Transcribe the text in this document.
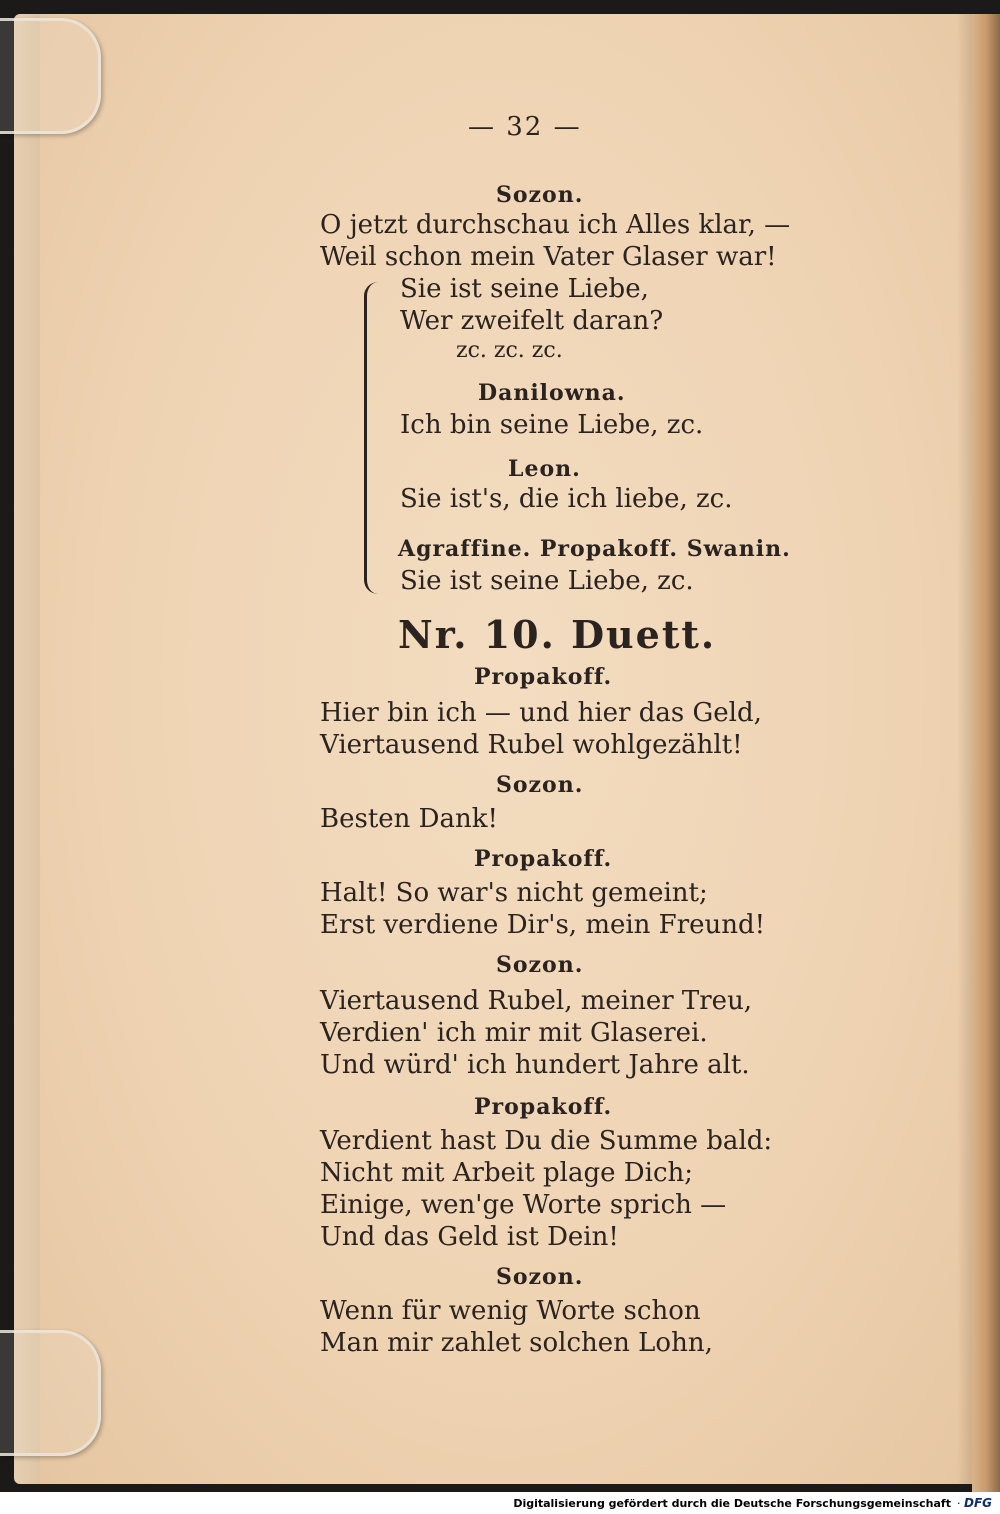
— 32 —
Sozon.
O jetzt durchschau ich Alles klar, —
Weil schon mein Vater Glaser war!
Sie ist seine Liebe,
Wer zweifelt daran?
zc. zc. zc.
Danilowna.
Ich bin seine Liebe, zc.
Leon.
Sie ist's, die ich liebe, zc.
Agraffine. Propakoff. Swanin.
Sie ist seine Liebe, zc.
Nr. 10. Duett.
Propakoff.
Hier bin ich — und hier das Geld,
Viertausend Rubel wohlgezählt!
Sozon.
Besten Dank!
Propakoff.
Halt! So war's nicht gemeint;
Erst verdiene Dir's, mein Freund!
Sozon.
Viertausend Rubel, meiner Treu,
Verdien' ich mir mit Glaserei.
Und würd' ich hundert Jahre alt.
Propakoff.
Verdient hast Du die Summe bald:
Nicht mit Arbeit plage Dich;
Einige, wen'ge Worte sprich —
Und das Geld ist Dein!
Sozon.
Wenn für wenig Worte schon
Man mir zahlet solchen Lohn,
Digitalisierung gefördert durch die Deutsche Forschungsgemeinschaft · DFG
